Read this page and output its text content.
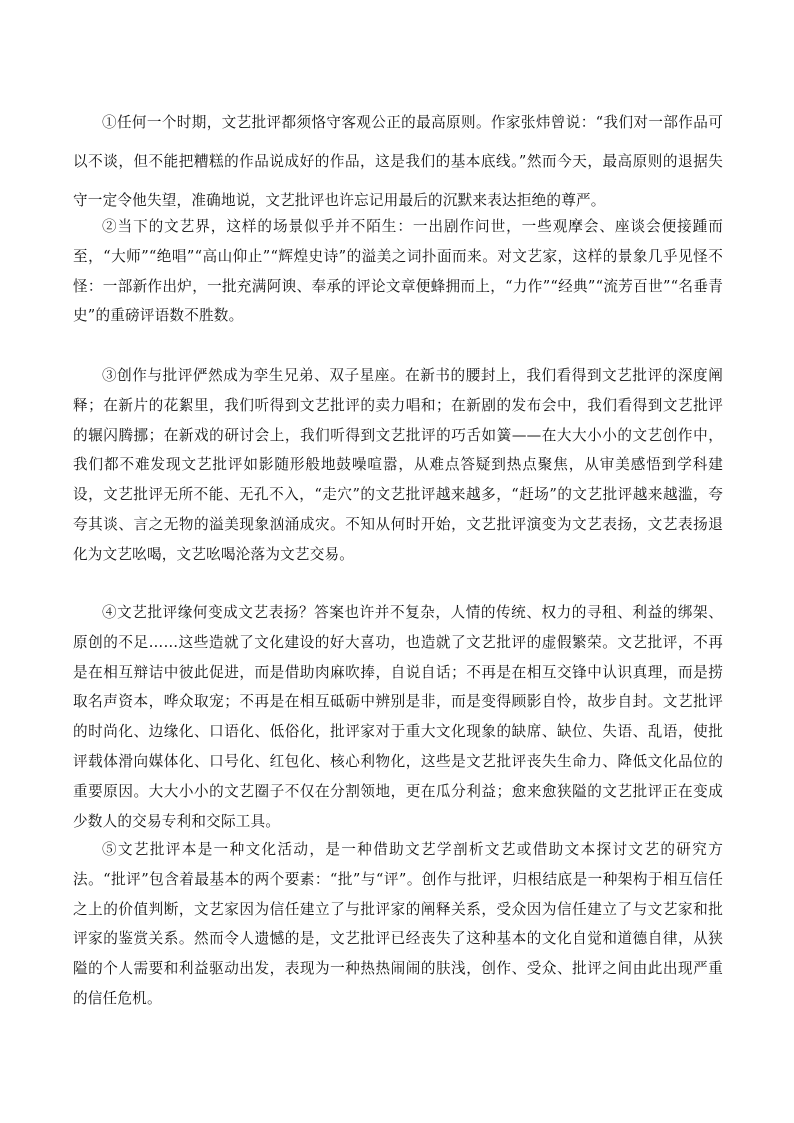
①任何一个时期，文艺批评都须恪守客观公正的最高原则。作家张炜曾说：“我们对一部作品可以不谈，但不能把糟糕的作品说成好的作品，这是我们的基本底线。”然而今天，最高原则的退据失守一定令他失望，准确地说，文艺批评也许忘记用最后的沉默来表达拒绝的尊严。

②当下的文艺界，这样的场景似乎并不陌生：一出剧作问世，一些观摩会、座谈会便接踵而至，“大师”“绝唱”“高山仰止”“辉煌史诗”的溢美之词扑面而来。对文艺家，这样的景象几乎见怪不怪：一部新作出炉，一批充满阿谀、奉承的评论文章便蜂拥而上，“力作”“经典”“流芳百世”“名垂青史”的重磅评语数不胜数。

③创作与批评俨然成为孪生兄弟、双子星座。在新书的腰封上，我们看得到文艺批评的深度阐释；在新片的花絮里，我们听得到文艺批评的卖力唱和；在新剧的发布会中，我们看得到文艺批评的辗闪腾挪；在新戏的研讨会上，我们听得到文艺批评的巧舌如簧——在大大小小的文艺创作中，我们都不难发现文艺批评如影随形般地鼓噪喧嚣，从难点答疑到热点聚焦，从审美感悟到学科建设，文艺批评无所不能、无孔不入，“走穴”的文艺批评越来越多，“赶场”的文艺批评越来越滥，夸夸其谈、言之无物的溢美现象汹涌成灾。不知从何时开始，文艺批评演变为文艺表扬，文艺表扬退化为文艺吆喝，文艺吆喝沦落为文艺交易。

④文艺批评缘何变成文艺表扬？答案也许并不复杂，人情的传统、权力的寻租、利益的绑架、原创的不足……这些造就了文化建设的好大喜功，也造就了文艺批评的虚假繁荣。文艺批评，不再是在相互辩诘中彼此促进，而是借助肉麻吹捧，自说自话；不再是在相互交锋中认识真理，而是捞取名声资本，哗众取宠；不再是在相互砥砺中辨别是非，而是变得顾影自怜，故步自封。文艺批评的时尚化、边缘化、口语化、低俗化，批评家对于重大文化现象的缺席、缺位、失语、乱语，使批评载体滑向媒体化、口号化、红包化、核心利物化，这些是文艺批评丧失生命力、降低文化品位的重要原因。大大小小的文艺圈子不仅在分割领地，更在瓜分利益；愈来愈狭隘的文艺批评正在变成少数人的交易专利和交际工具。

⑤文艺批评本是一种文化活动，是一种借助文艺学剖析文艺或借助文本探讨文艺的研究方法。“批评”包含着最基本的两个要素：“批”与“评”。创作与批评，归根结底是一种架构于相互信任之上的价值判断，文艺家因为信任建立了与批评家的阐释关系，受众因为信任建立了与文艺家和批评家的鉴赏关系。然而令人遗憾的是，文艺批评已经丧失了这种基本的文化自觉和道德自律，从狭隘的个人需要和利益驱动出发，表现为一种热热闹闹的肤浅，创作、受众、批评之间由此出现严重的信任危机。
